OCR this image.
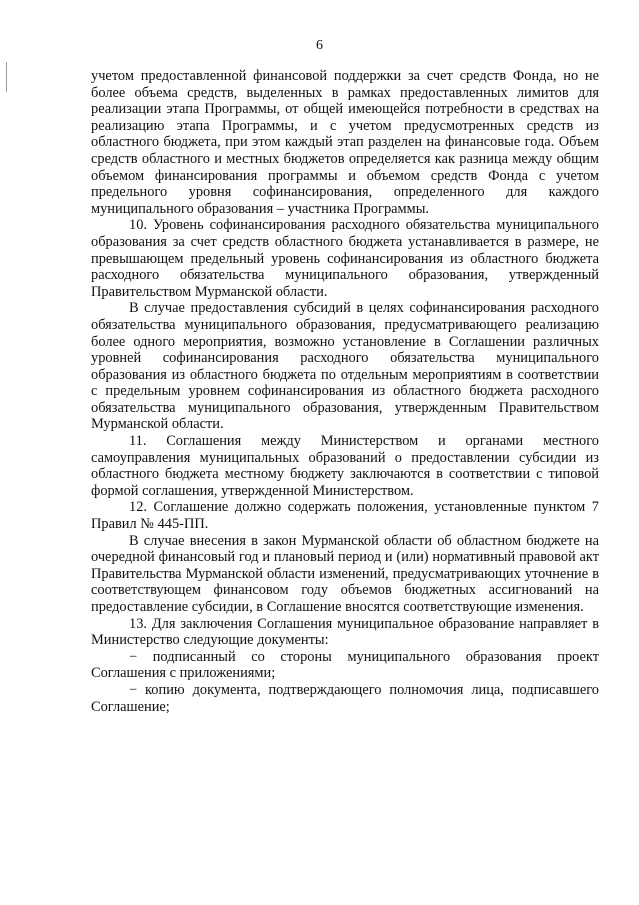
6

учетом предоставленной финансовой поддержки за счет средств Фонда, но не более объема средств, выделенных в рамках предоставленных лимитов для реализации этапа Программы, от общей имеющейся потребности в средствах на реализацию этапа Программы, и с учетом предусмотренных средств из областного бюджета, при этом каждый этап разделен на финансовые года. Объем средств областного и местных бюджетов определяется как разница между общим объемом финансирования программы и объемом средств Фонда с учетом предельного уровня софинансирования, определенного для каждого муниципального образования – участника Программы.

10. Уровень софинансирования расходного обязательства муниципального образования за счет средств областного бюджета устанавливается в размере, не превышающем предельный уровень софинансирования из областного бюджета расходного обязательства муниципального образования, утвержденный Правительством Мурманской области.

В случае предоставления субсидий в целях софинансирования расходного обязательства муниципального образования, предусматривающего реализацию более одного мероприятия, возможно установление в Соглашении различных уровней софинансирования расходного обязательства муниципального образования из областного бюджета по отдельным мероприятиям в соответствии с предельным уровнем софинансирования из областного бюджета расходного обязательства муниципального образования, утвержденным Правительством Мурманской области.

11. Соглашения между Министерством и органами местного самоуправления муниципальных образований о предоставлении субсидии из областного бюджета местному бюджету заключаются в соответствии с типовой формой соглашения, утвержденной Министерством.

12. Соглашение должно содержать положения, установленные пунктом 7 Правил № 445-ПП.

В случае внесения в закон Мурманской области об областном бюджете на очередной финансовый год и плановый период и (или) нормативный правовой акт Правительства Мурманской области изменений, предусматривающих уточнение в соответствующем финансовом году объемов бюджетных ассигнований на предоставление субсидии, в Соглашение вносятся соответствующие изменения.

13. Для заключения Соглашения муниципальное образование направляет в Министерство следующие документы:

− подписанный со стороны муниципального образования проект Соглашения с приложениями;

− копию документа, подтверждающего полномочия лица, подписавшего Соглашение;
